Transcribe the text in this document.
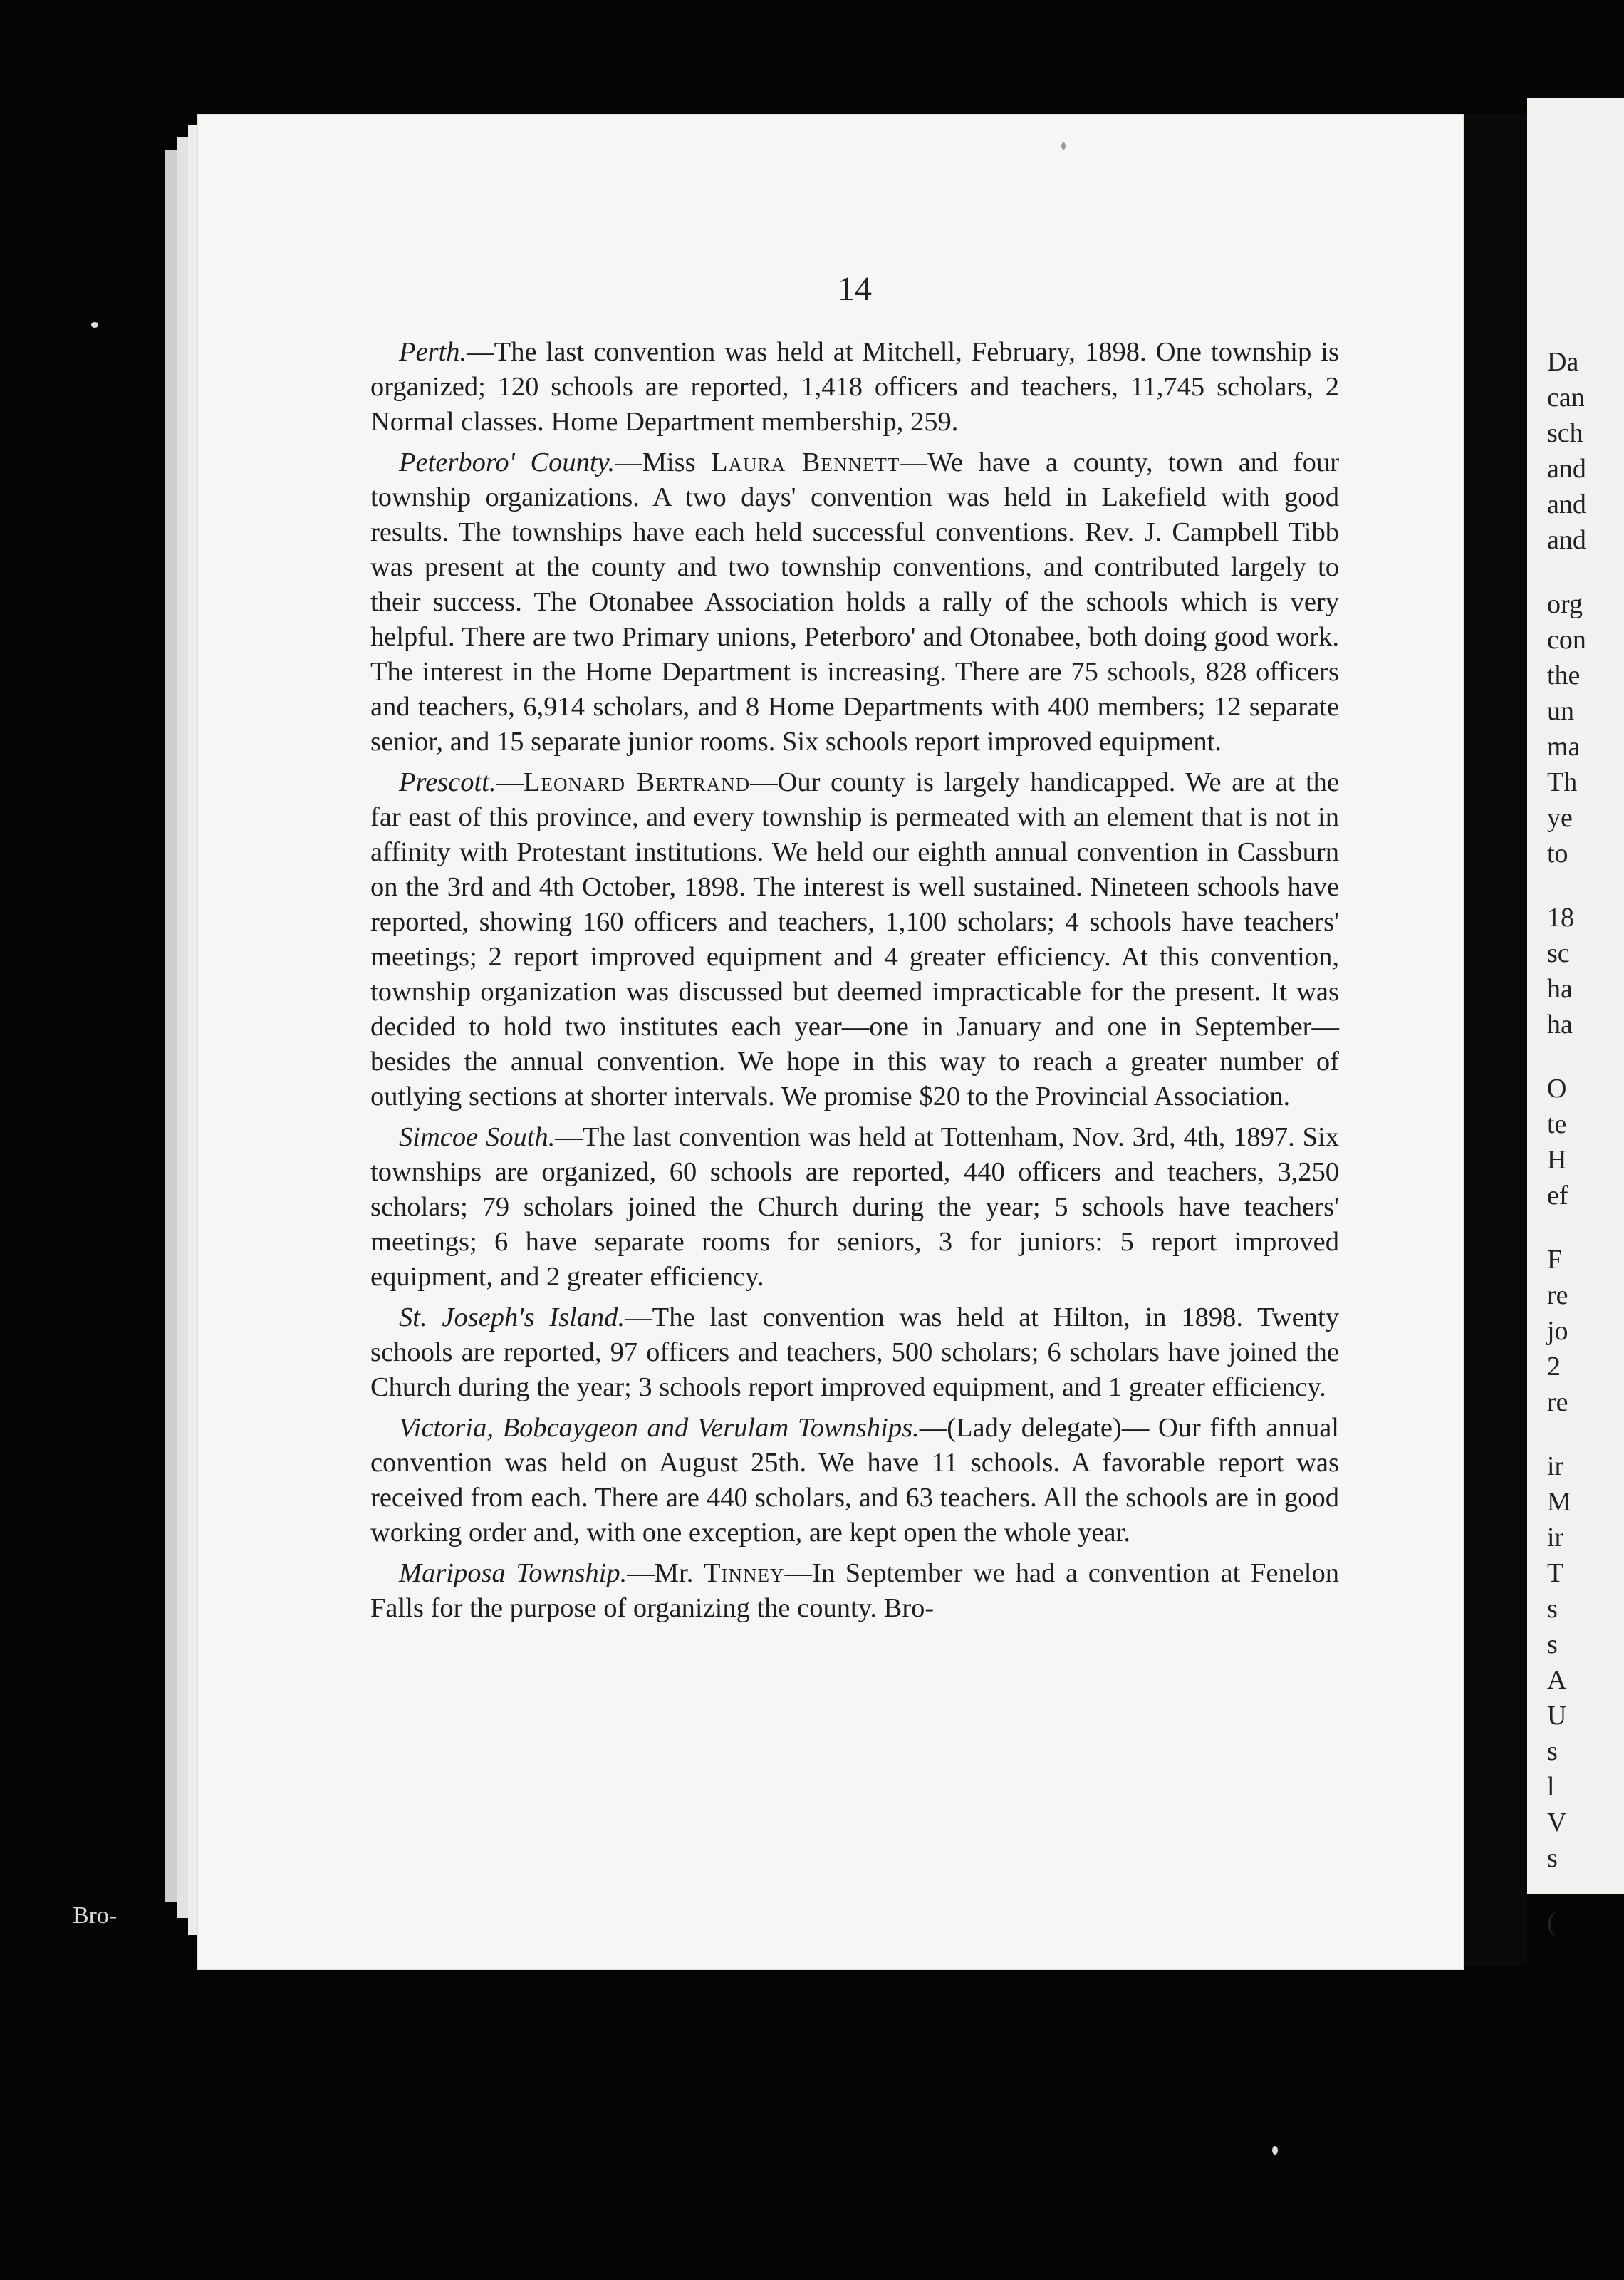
Da
can
sch
and
and
and
org
con
the
un
ma
Th
ye
to
18
sc
ha
ha
O
te
H
ef
F
re
jo
2
re
ir
M
ir
T
s
s
A
U
s
l
V
s
(
14

Perth.—The last convention was held at Mitchell, February, 1898. One township is organized; 120 schools are reported, 1,418 officers and teachers, 11,745 scholars, 2 Normal classes. Home Department membership, 259.

Peterboro' County.—Miss Laura Bennett—We have a county, town and four township organizations. A two days' convention was held in Lakefield with good results. The townships have each held successful conventions. Rev. J. Campbell Tibb was present at the county and two township conventions, and contributed largely to their success. The Otonabee Association holds a rally of the schools which is very helpful. There are two Primary unions, Peterboro' and Otonabee, both doing good work. The interest in the Home Department is increasing. There are 75 schools, 828 officers and teachers, 6,914 scholars, and 8 Home Departments with 400 members; 12 separate senior, and 15 separate junior rooms. Six schools report improved equipment.

Prescott.—Leonard Bertrand—Our county is largely handicapped. We are at the far east of this province, and every township is permeated with an element that is not in affinity with Protestant institutions. We held our eighth annual convention in Cassburn on the 3rd and 4th October, 1898. The interest is well sustained. Nineteen schools have reported, showing 160 officers and teachers, 1,100 scholars; 4 schools have teachers' meetings; 2 report improved equipment and 4 greater efficiency. At this convention, township organization was discussed but deemed impracticable for the present. It was decided to hold two institutes each year—one in January and one in September—besides the annual convention. We hope in this way to reach a greater number of outlying sections at shorter intervals. We promise $20 to the Provincial Association.

Simcoe South.—The last convention was held at Tottenham, Nov. 3rd, 4th, 1897. Six townships are organized, 60 schools are reported, 440 officers and teachers, 3,250 scholars; 79 scholars joined the Church during the year; 5 schools have teachers' meetings; 6 have separate rooms for seniors, 3 for juniors: 5 report improved equipment, and 2 greater efficiency.

St. Joseph's Island.—The last convention was held at Hilton, in 1898. Twenty schools are reported, 97 officers and teachers, 500 scholars; 6 scholars have joined the Church during the year; 3 schools report improved equipment, and 1 greater efficiency.

Victoria, Bobcaygeon and Verulam Townships.—(Lady delegate)— Our fifth annual convention was held on August 25th. We have 11 schools. A favorable report was received from each. There are 440 scholars, and 63 teachers. All the schools are in good working order and, with one exception, are kept open the whole year.

Mariposa Township.—Mr. Tinney—In September we had a convention at Fenelon Falls for the purpose of organizing the county. Bro-

Bro-
